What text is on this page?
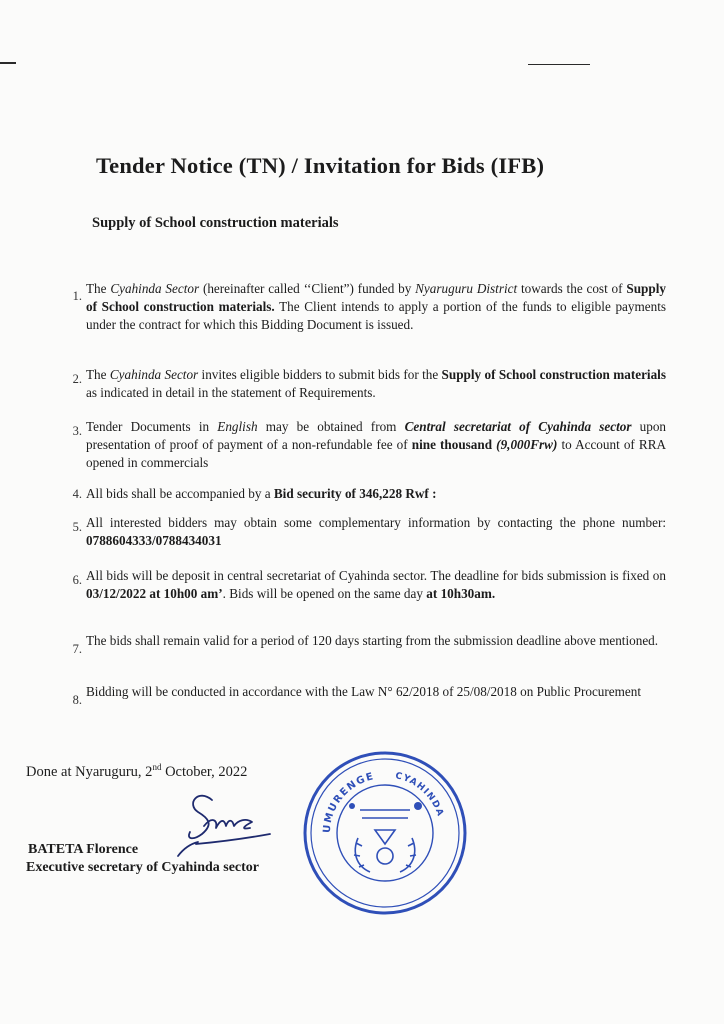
Tender Notice (TN) / Invitation for Bids (IFB)
Supply of School construction materials
1. The Cyahinda Sector (hereinafter called ‘‘Client”) funded by Nyaruguru District towards the cost of Supply of School construction materials. The Client intends to apply a portion of the funds to eligible payments under the contract for which this Bidding Document is issued.
2. The Cyahinda Sector invites eligible bidders to submit bids for the Supply of School construction materials as indicated in detail in the statement of Requirements.
3. Tender Documents in English may be obtained from Central secretariat of Cyahinda sector upon presentation of proof of payment of a non-refundable fee of nine thousand (9,000Frw) to Account of RRA opened in commercials
4. All bids shall be accompanied by a Bid security of 346,228 Rwf :
5. All interested bidders may obtain some complementary information by contacting the phone number: 0788604333/0788434031
6. All bids will be deposit in central secretariat of Cyahinda sector. The deadline for bids submission is fixed on 03/12/2022 at 10h00 am’. Bids will be opened on the same day at 10h30am.
7.
The bids shall remain valid for a period of 120 days starting from the submission deadline above mentioned.
8.
Bidding will be conducted in accordance with the Law N° 62/2018 of 25/08/2018 on Public Procurement
Done at Nyaruguru, 2nd October, 2022
BATETA Florence
Executive secretary of Cyahinda sector
UMURENGE CYAHINDA
